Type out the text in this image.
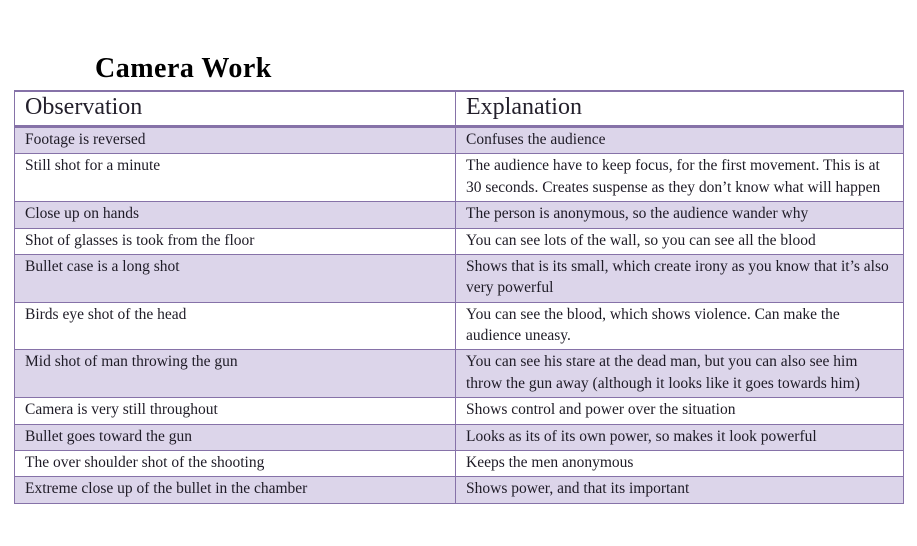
Camera Work
Observation	Explanation
Footage is reversed	Confuses the audience
Still shot for a minute	The audience have to keep focus, for the first movement. This is at 30 seconds. Creates suspense as they don’t know what will happen
Close up on hands	The person is anonymous, so the audience wander why
Shot of glasses is took from the floor	You can see lots of the wall, so you can see all the blood
Bullet case is a long shot	Shows that is its small, which create irony as you know that it’s also very powerful
Birds eye shot of the head	You can see the blood, which shows violence. Can make the audience uneasy.
Mid shot of man throwing the gun	You can see his stare at the dead man, but you can also see him throw the gun away (although it looks like it goes towards him)
Camera is very still throughout	Shows control and power over the situation
Bullet goes toward the gun	Looks as its of its own power, so makes it look powerful
The over shoulder shot of the shooting	Keeps the men anonymous
Extreme close up of the bullet in the chamber	Shows power, and that its important
